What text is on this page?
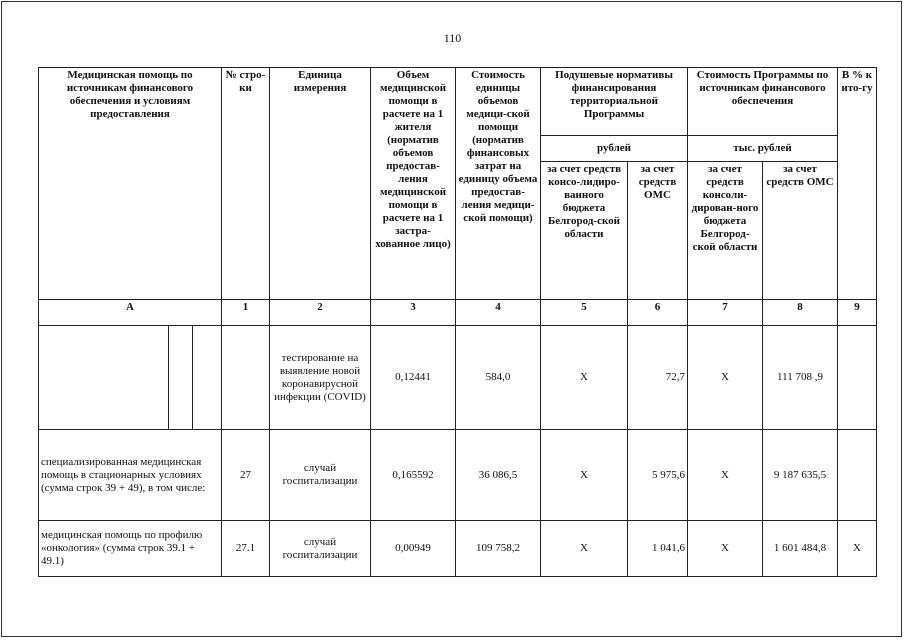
110
Медицинская помощь по источникам финансового обеспечения и условиям предоставления	№ стро-ки	Единица измерения	Объем медицинской помощи в расчете на 1 жителя (норматив объемов предостав-ления медицинской помощи в расчете на 1 застра-хованное лицо)	Стоимость единицы объемов медици-ской помощи (норматив финансовых затрат на единицу объема предостав-ления медици-ской помощи)	Подушевые нормативы финансирования территориальной Программы		Стоимость Программы по источникам финансового обеспечения		В % к ито-гу
					рублей		тыс. рублей		
					за счет средств консо-лидиро-ванного бюджета Белгород-ской области	за счет средств ОМС	за счет средств консоли-дирован-ного бюджета Белгород-ской области	за счет средств ОМС	
А	1	2	3	4	5	6	7	8	9

		тестирование на выявление новой коронавирусной инфекции (COVID)	0,12441	584,0	Х	72,7	Х	111 708 ,9	
специализированная медицинская помощь в стационарных условиях (сумма строк 39 + 49), в том числе:	27	случай госпитализации	0,165592	36 086,5	Х	5 975,6	Х	9 187 635,5	
медицинская помощь по профилю «онкология» (сумма строк 39.1 + 49.1)	27.1	случай госпитализации	0,00949	109 758,2	Х	1 041,6	Х	1 601 484,8	Х
